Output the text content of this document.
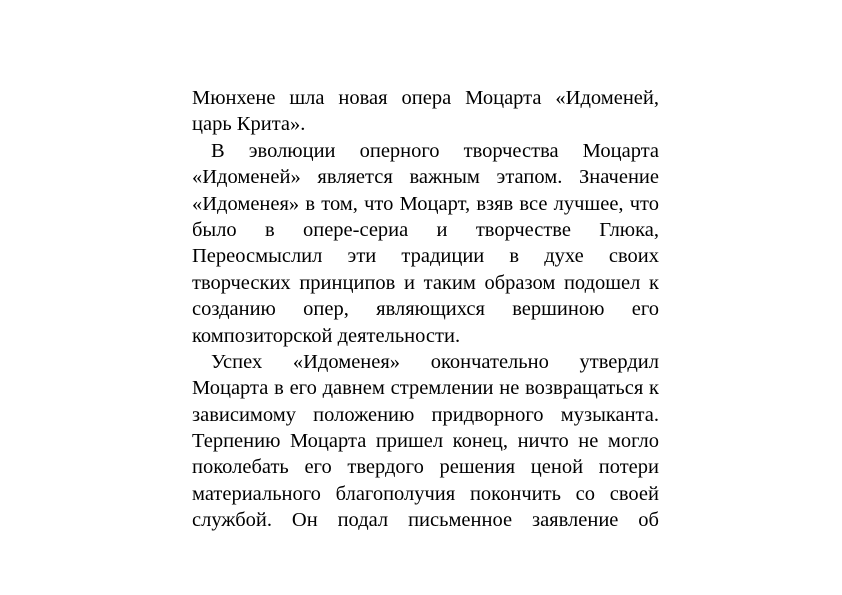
Мюнхене шла новая опера Моцарта «Идоменей,
царь Крита».
В эволюции оперного творчества Моцарта
«Идоменей» является важным этапом. Значение
«Идоменея» в том, что Моцарт, взяв все лучшее, что
было в опере-сериа и творчестве Глюка,
Переосмыслил эти традиции в духе своих
творческих принципов и таким образом подошел к
созданию опер, являющихся вершиною его
композиторской деятельности.
Успех «Идоменея» окончательно утвердил
Моцарта в его давнем стремлении не возвращаться к
зависимому положению придворного музыканта.
Терпению Моцарта пришел конец, ничто не могло
поколебать его твердого решения ценой потери
материального благополучия покончить со своей
службой. Он подал письменное заявление об
